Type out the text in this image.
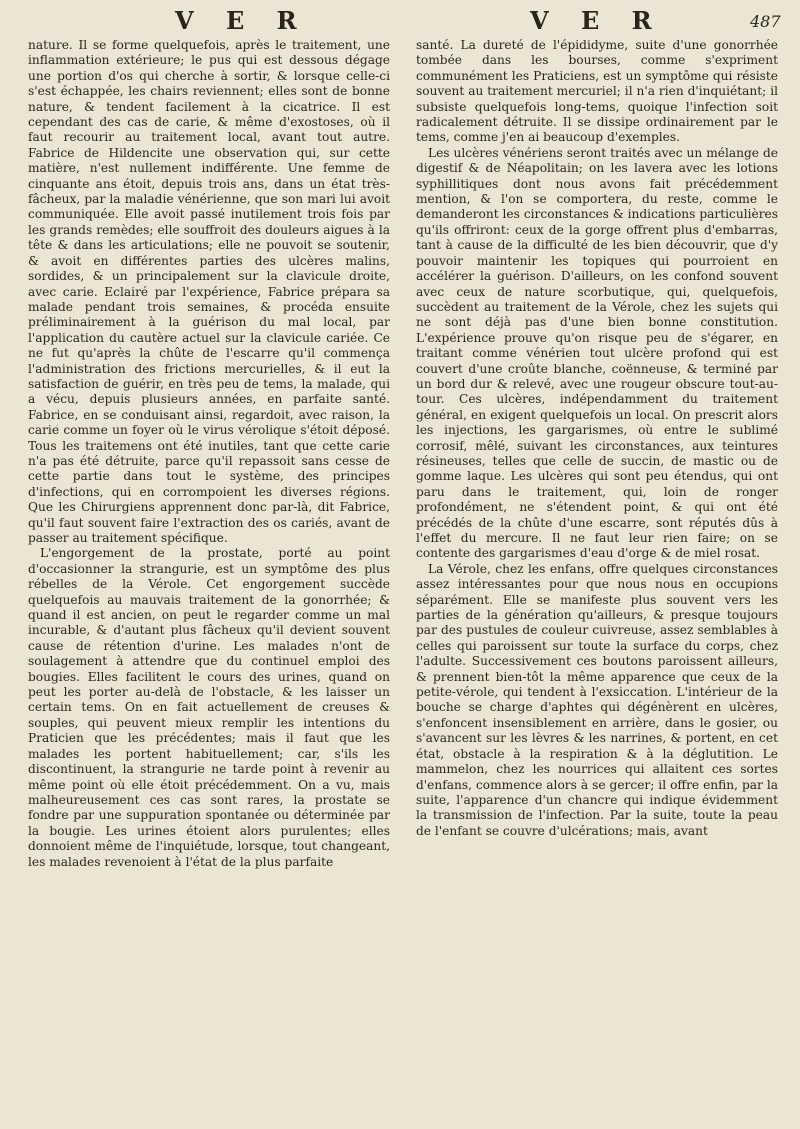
V E R	V E R	487

nature. Il se forme quelquefois, après le traitement, une inflammation extérieure; le pus qui est dessous dégage une portion d'os qui cherche à sortir, & lorsque celle-ci s'est échappée, les chairs reviennent; elles sont de bonne nature, & tendent facilement à la cicatrice. Il est cependant des cas de carie, & même d'exostoses, où il faut recourir au traitement local, avant tout autre. Fabrice de Hildencite une observation qui, sur cette matière, n'est nullement indifférente. Une femme de cinquante ans étoit, depuis trois ans, dans un état très-fâcheux, par la maladie vénérienne, que son mari lui avoit communiquée. Elle avoit passé inutilement trois fois par les grands remèdes; elle souffroit des douleurs aigues à la tête & dans les articulations; elle ne pouvoit se soutenir, & avoit en différentes parties des ulcères malins, sordides, & un principalement sur la clavicule droite, avec carie. Eclairé par l'expérience, Fabrice prépara sa malade pendant trois semaines, & procéda ensuite préliminairement à la guérison du mal local, par l'application du cautère actuel sur la clavicule cariée. Ce ne fut qu'après la chûte de l'escarre qu'il commença l'administration des frictions mercurielles, & il eut la satisfaction de guérir, en très peu de tems, la malade, qui a vécu, depuis plusieurs années, en parfaite santé. Fabrice, en se conduisant ainsi, regardoit, avec raison, la carie comme un foyer où le virus vérolique s'étoit déposé. Tous les traitemens ont été inutiles, tant que cette carie n'a pas été détruite, parce qu'il repassoit sans cesse de cette partie dans tout le système, des principes d'infections, qui en corrompoient les diverses régions. Que les Chirurgiens apprennent donc par-là, dit Fabrice, qu'il faut souvent faire l'extraction des os cariés, avant de passer au traitement spécifique.

L'engorgement de la prostate, porté au point d'occasionner la strangurie, est un symptôme des plus rébelles de la Vérole. Cet engorgement succède quelquefois au mauvais traitement de la gonorrhée; & quand il est ancien, on peut le regarder comme un mal incurable, & d'autant plus fâcheux qu'il devient souvent cause de rétention d'urine. Les malades n'ont de soulagement à attendre que du continuel emploi des bougies. Elles facilitent le cours des urines, quand on peut les porter au-delà de l'obstacle, & les laisser un certain tems. On en fait actuellement de creuses & souples, qui peuvent mieux remplir les intentions du Praticien que les précédentes; mais il faut que les malades les portent habituellement; car, s'ils les discontinuent, la strangurie ne tarde point à revenir au même point où elle étoit précédemment. On a vu, mais malheureusement ces cas sont rares, la prostate se fondre par une suppuration spontanée ou déterminée par la bougie. Les urines étoient alors purulentes; elles donnoient même de l'inquiétude, lorsque, tout changeant, les malades revenoient à l'état de la plus parfaite

santé. La dureté de l'épididyme, suite d'une gonorrhée tombée dans les bourses, comme s'expriment communément les Praticiens, est un symptôme qui résiste souvent au traitement mercuriel; il n'a rien d'inquiétant; il subsiste quelquefois long-tems, quoique l'infection soit radicalement détruite. Il se dissipe ordinairement par le tems, comme j'en ai beaucoup d'exemples.

Les ulcères vénériens seront traités avec un mélange de digestif & de Néapolitain; on les lavera avec les lotions syphillitiques dont nous avons fait précédemment mention, & l'on se comportera, du reste, comme le demanderont les circonstances & indications particulières qu'ils offriront: ceux de la gorge offrent plus d'embarras, tant à cause de la difficulté de les bien découvrir, que d'y pouvoir maintenir les topiques qui pourroient en accélérer la guérison. D'ailleurs, on les confond souvent avec ceux de nature scorbutique, qui, quelquefois, succèdent au traitement de la Vérole, chez les sujets qui ne sont déjà pas d'une bien bonne constitution. L'expérience prouve qu'on risque peu de s'égarer, en traitant comme vénérien tout ulcère profond qui est couvert d'une croûte blanche, coënneuse, & terminé par un bord dur & relevé, avec une rougeur obscure tout-au-tour. Ces ulcères, indépendamment du traitement général, en exigent quelquefois un local. On prescrit alors les injections, les gargarismes, où entre le sublimé corrosif, mêlé, suivant les circonstances, aux teintures résineuses, telles que celle de succin, de mastic ou de gomme laque. Les ulcères qui sont peu étendus, qui ont paru dans le traitement, qui, loin de ronger profondément, ne s'étendent point, & qui ont été précédés de la chûte d'une escarre, sont réputés dûs à l'effet du mercure. Il ne faut leur rien faire; on se contente des gargarismes d'eau d'orge & de miel rosat.

La Vérole, chez les enfans, offre quelques circonstances assez intéressantes pour que nous nous en occupions séparément. Elle se manifeste plus souvent vers les parties de la génération qu'ailleurs, & presque toujours par des pustules de couleur cuivreuse, assez semblables à celles qui paroissent sur toute la surface du corps, chez l'adulte. Successivement ces boutons paroissent ailleurs, & prennent bien-tôt la même apparence que ceux de la petite-vérole, qui tendent à l'exsiccation. L'intérieur de la bouche se charge d'aphtes qui dégénèrent en ulcères, s'enfoncent insensiblement en arrière, dans le gosier, ou s'avancent sur les lèvres & les narrines, & portent, en cet état, obstacle à la respiration & à la déglutition. Le mammelon, chez les nourrices qui allaitent ces sortes d'enfans, commence alors à se gercer; il offre enfin, par la suite, l'apparence d'un chancre qui indique évidemment la transmission de l'infection. Par la suite, toute la peau de l'enfant se couvre d'ulcérations; mais, avant
